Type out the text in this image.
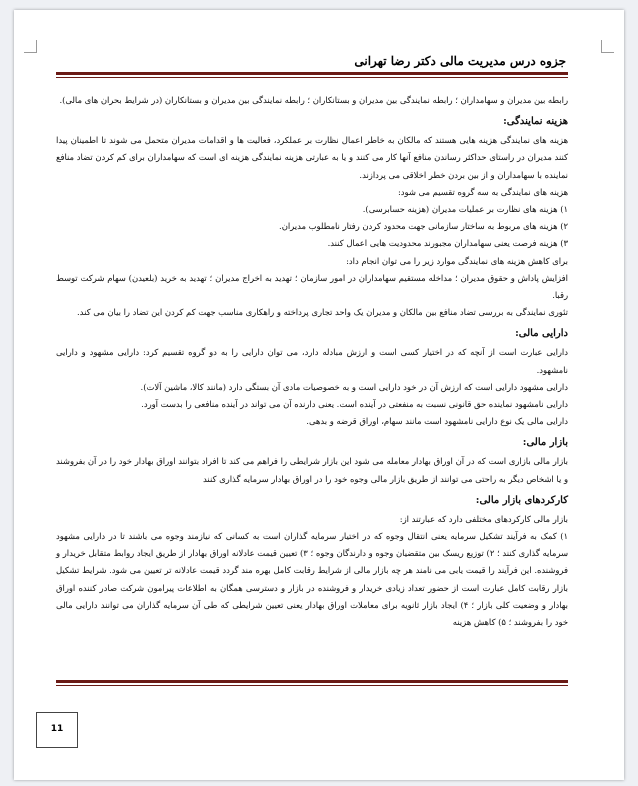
جزوه درس مدیریت مالی دکتر رضا تهرانی

رابطه بین مدیران و سهامداران ؛ رابطه نمایندگی بین مدیران و بستانکاران ؛ رابطه نمایندگی بین مدیران و بستانکاران (در شرایط بحران های مالی).

هزینه نمایندگی:

هزینه های نمایندگی هزینه هایی هستند که مالکان به خاطر اعمال نظارت بر عملکرد، فعالیت ها و اقدامات مدیران متحمل می شوند تا اطمینان پیدا کنند مدیران در راستای حداکثر رساندن منافع آنها کار می کنند و یا به عبارتی هزینه نمایندگی هزینه ای است که سهامداران برای کم کردن تضاد منافع نماینده با سهامداران و از بین بردن خطر اخلاقی می پردازند.

هزینه های نمایندگی به سه گروه تقسیم می شود:

۱) هزینه های نظارت بر عملیات مدیران (هزینه حسابرسی).

۲) هزینه های مربوط به ساختار سازمانی جهت محدود کردن رفتار نامطلوب مدیران.

۳) هزینه فرصت یعنی سهامداران مجبورند محدودیت هایی اعمال کنند.

برای کاهش هزینه های نمایندگی موارد زیر را می توان انجام داد:

افزایش پاداش و حقوق مدیران ؛ مداخله مستقیم سهامداران در امور سازمان ؛ تهدید به اخراج مدیران ؛ تهدید به خرید (بلعیدن) سهام شرکت توسط رقبا.

تئوری نمایندگی به بررسی تضاد منافع بین مالکان و مدیران یک واحد تجاری پرداخته و راهکاری مناسب جهت کم کردن این تضاد را بیان می کند.

دارایی مالی:

دارایی عبارت است از آنچه که در اختیار کسی است و ارزش مبادله دارد، می توان دارایی را به دو گروه تقسیم کرد: دارایی مشهود و دارایی نامشهود.

دارایی مشهود دارایی است که ارزش آن در خود دارایی است و به خصوصیات مادی آن بستگی دارد (مانند کالا، ماشین آلات).

دارایی نامشهود نماینده حق قانونی نسبت به منفعتی در آینده است. یعنی دارنده آن می تواند در آینده منافعی را بدست آورد.

دارایی مالی یک نوع دارایی نامشهود است مانند سهام، اوراق قرضه و بدهی.

بازار مالی:

بازار مالی بازاری است که در آن اوراق بهادار معامله می شود این بازار شرایطی را فراهم می کند تا افراد بتوانند اوراق بهادار خود را در آن بفروشند و یا اشخاص دیگر به راحتی می توانند از طریق بازار مالی وجوه خود را در اوراق بهادار سرمایه گذاری کنند

کارکردهای بازار مالی:

بازار مالی کارکردهای مختلفی دارد که عبارتند از:

۱) کمک به فرآیند تشکیل سرمایه یعنی انتقال وجوه که در اختیار سرمایه گذاران است به کسانی که نیازمند وجوه می باشند تا در دارایی مشهود سرمایه گذاری کنند ؛ ۲) توزیع ریسک بین متقضیان وجوه و دارندگان وجوه ؛ ۳) تعیین قیمت عادلانه اوراق بهادار از طریق ایجاد روابط متقابل خریدار و فروشنده. این فرآیند را قیمت یابی می نامند هر چه بازار مالی از شرایط رقابت کامل بهره مند گردد قیمت عادلانه تر تعیین می شود. شرایط تشکیل بازار رقابت کامل عبارت است از حضور تعداد زیادی خریدار و فروشنده در بازار و دسترسی همگان به اطلاعات پیرامون شرکت صادر کننده اوراق بهادار و وضعیت کلی بازار ؛ ۴) ایجاد بازار ثانویه برای معاملات اوراق بهادار یعنی تعیین شرایطی که طی آن سرمایه گذاران می توانند دارایی مالی خود را بفروشند ؛ ۵) کاهش هزینه

11
